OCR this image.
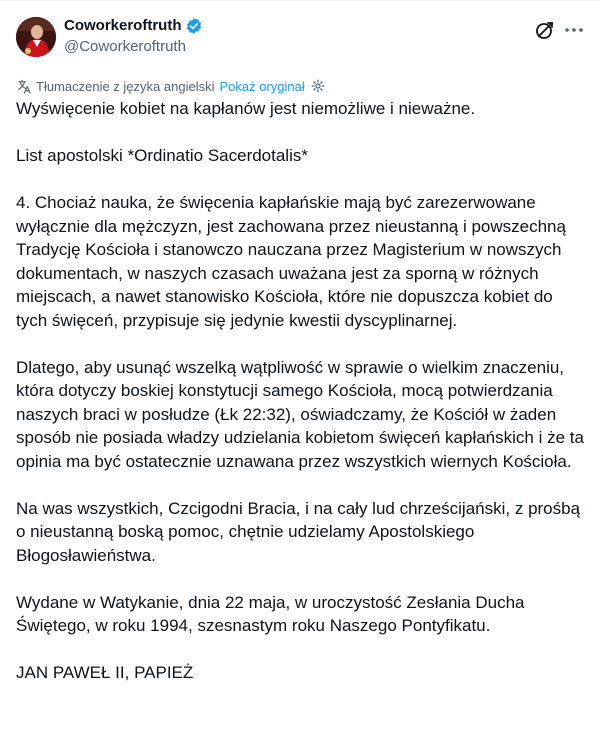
Coworkeroftruth
@Coworkeroftruth
Tłumaczenie z języka angielski Pokaż oryginał

Wyświęcenie kobiet na kapłanów jest niemożliwe i nieważne.

List apostolski *Ordinatio Sacerdotalis*

4. Chociaż nauka, że święcenia kapłańskie mają być zarezerwowane wyłącznie dla mężczyzn, jest zachowana przez nieustanną i powszechną Tradycję Kościoła i stanowczo nauczana przez Magisterium w nowszych dokumentach, w naszych czasach uważana jest za sporną w różnych miejscach, a nawet stanowisko Kościoła, które nie dopuszcza kobiet do tych święceń, przypisuje się jedynie kwestii dyscyplinarnej.

Dlatego, aby usunąć wszelką wątpliwość w sprawie o wielkim znaczeniu, która dotyczy boskiej konstytucji samego Kościoła, mocą potwierdzania naszych braci w posłudze (Łk 22:32), oświadczamy, że Kościół w żaden sposób nie posiada władzy udzielania kobietom święceń kapłańskich i że ta opinia ma być ostatecznie uznawana przez wszystkich wiernych Kościoła.

Na was wszystkich, Czcigodni Bracia, i na cały lud chrześcijański, z prośbą o nieustanną boską pomoc, chętnie udzielamy Apostolskiego Błogosławieństwa.

Wydane w Watykanie, dnia 22 maja, w uroczystość Zesłania Ducha Świętego, w roku 1994, szesnastym roku Naszego Pontyfikatu.

JAN PAWEŁ II, PAPIEŻ
